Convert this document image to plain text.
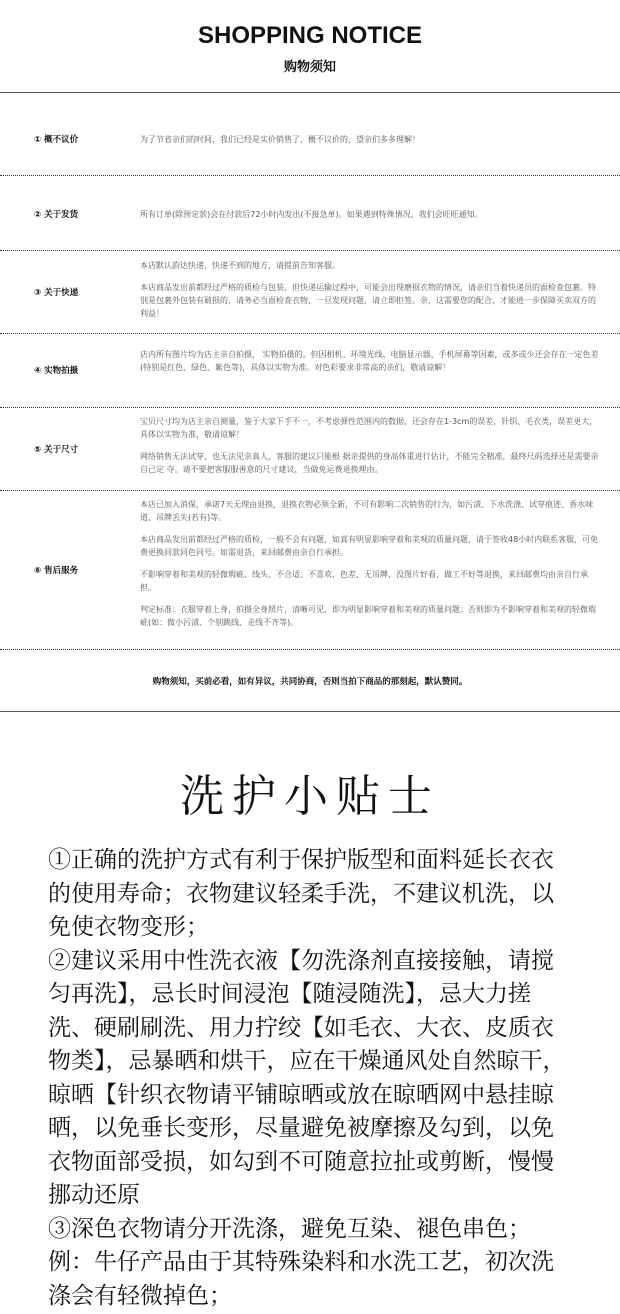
SHOPPING NOTICE
购物须知
① 概不议价	为了节省亲们的时间，我们已经是实价销售了，概不议价的，望亲们多多理解！

② 关于发货	所有订单(除预定款)会在付款后72小时内发出(不接急单)。如果遇到特殊情况，我们会旺旺通知。

③ 关于快递

本店默认韵达快递，快递不到的地方，请提前告知客服。

本店商品发出前都经过严格的质检与包装，但快递运输过程中，可能会出现磨损衣物的情况，请亲们当着快递员的面检查包裹。特别是包裹外包装有破损的，请务必当面检查衣物，一旦发现问题，请立即拒签。亲，这需要您的配合，才能进一步保障买卖双方的利益！

④ 实物拍摄

店内所有图片均为店主亲自拍摄， 实物拍摄的。但因相机、环境光线、电脑显示器、手机屏幕等因素，或多或少还会存在一定色差(特别是红色、绿色、紫色等)，具体以实物为准。对色彩要求非常高的亲们，敬请谅解！

⑤ 关于尺寸

宝贝尺寸均为店主亲自测量，鉴于大家下手不一，不考虑弹性范围内的数据，还会存在1-3cm的误差，针织、毛衣类，误差更大，具体以实物为准，敬请谅解！

网络销售无法试穿，也无法见亲真人，客服的建议只能根 据亲提供的身高体重进行估计，不能完全精准，最终尺码选择还是需要亲自己定 夺。请不要把客服服善意的尺寸建议，当做免运费退换理由。

⑥ 售后服务

本店已加入消保，承诺7天无理由退换，退换衣物必须全新，不可有影响二次销售的行为，如污渍、下水洗涤、试穿痕迹、香水味道、吊牌丢失(若有)等。

本店商品发出前都经过严格的质检，一般不会有问题，如真有明显影响穿着和美观的质量问题，请于签收48小时内联系客服，可免费更换同款同色同号。如需退货，来回邮费由亲自行承担。

不影响穿着和美观的轻微瑕疵、线头、不合适、不喜欢、色差、无吊牌、没图片好看、做工不好等退换，来回邮费均由亲自行承担。

判定标准：衣服穿着上身，拍摄全身照片，清晰可见，即为明显影响穿着和美观的质量问题；否则即为不影响穿着和美观的轻微瑕疵(如：微小污渍、个别跳线、走线不齐等)。

购物须知，买前必看，如有异议，共同协商，否则当拍下商品的那刻起，默认赞同。
洗护小贴士

①正确的洗护方式有利于保护版型和面料延长衣衣的使用寿命；衣物建议轻柔手洗，不建议机洗，以免使衣物变形；

②建议采用中性洗衣液【勿洗涤剂直接接触，请搅匀再洗】，忌长时间浸泡【随浸随洗】，忌大力搓洗、硬刷刷洗、用力拧绞【如毛衣、大衣、皮质衣物类】，忌暴晒和烘干，应在干燥通风处自然晾干，晾晒【针织衣物请平铺晾晒或放在晾晒网中悬挂晾晒，以免垂长变形，尽量避免被摩擦及勾到，以免衣物面部受损，如勾到不可随意拉扯或剪断，慢慢挪动还原

③深色衣物请分开洗涤，避免互染、褪色串色；例：牛仔产品由于其特殊染料和水洗工艺，初次洗涤会有轻微掉色；
